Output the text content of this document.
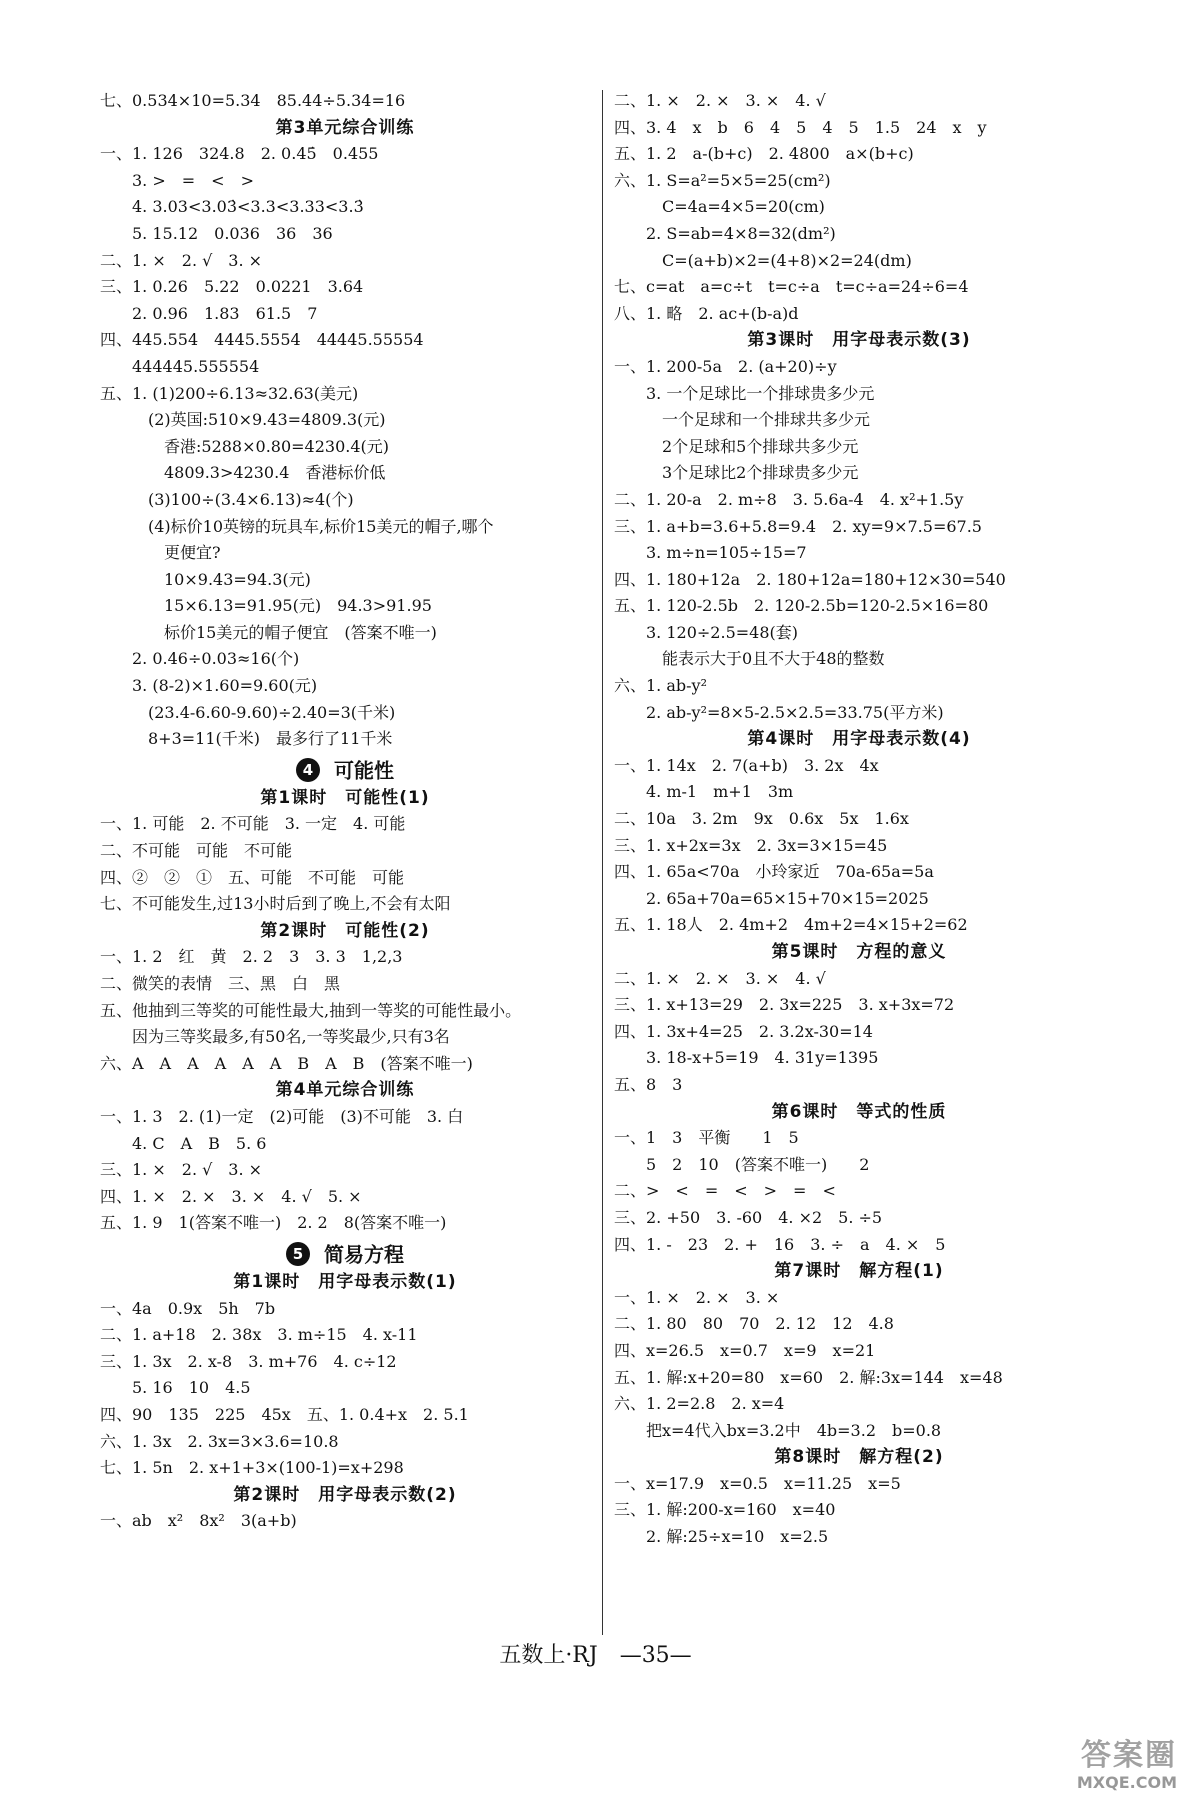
七、0.534×10=5.34　85.44÷5.34=16
第3单元综合训练
一、1. 126　324.8　2. 0.45̇　0.455
　　3. >　=　<　>
　　4. 3.03<3.03̇<3.3<3.33<3.3̇
　　5. 15.12　0.036　36　36
二、1. ×　2. √　3. ×
三、1. 0.26　5.22　0.0221　3.64
　　2. 0.96　1.83　61.5　7
四、445.554　4445.5554　44445.55554
　　444445.555554
五、1. (1)200÷6.13≈32.63(美元)
　　　(2)英国:510×9.43=4809.3(元)
　　　　香港:5288×0.80=4230.4(元)
　　　　4809.3>4230.4　香港标价低
　　　(3)100÷(3.4×6.13)≈4(个)
　　　(4)标价10英镑的玩具车,标价15美元的帽子,哪个
　　　　更便宜?
　　　　10×9.43=94.3(元)
　　　　15×6.13=91.95(元)　94.3>91.95
　　　　标价15美元的帽子便宜　(答案不唯一)
　　2. 0.46÷0.03≈16(个)
　　3. (8-2)×1.60=9.60(元)
　　　(23.4-6.60-9.60)÷2.40=3(千米)
　　　8+3=11(千米)　最多行了11千米
4 可能性
第1课时　可能性(1)
一、1. 可能　2. 不可能　3. 一定　4. 可能
二、不可能　可能　不可能
四、②　②　①　五、可能　不可能　可能
七、不可能发生,过13小时后到了晚上,不会有太阳
第2课时　可能性(2)
一、1. 2　红　黄　2. 2　3　3. 3　1,2,3
二、微笑的表情　三、黑　白　黑
五、他抽到三等奖的可能性最大,抽到一等奖的可能性最小。
　　因为三等奖最多,有50名,一等奖最少,只有3名
六、A　A　A　A　A　A　B　A　B　(答案不唯一)
第4单元综合训练
一、1. 3　2. (1)一定　(2)可能　(3)不可能　3. 白
　　4. C　A　B　5. 6
三、1. ×　2. √　3. ×
四、1. ×　2. ×　3. ×　4. √　5. ×
五、1. 9　1(答案不唯一)　2. 2　8(答案不唯一)
5 简易方程
第1课时　用字母表示数(1)
一、4a　0.9x　5h　7b
二、1. a+18　2. 38x　3. m÷15　4. x-11
三、1. 3x　2. x-8　3. m+76　4. c÷12
　　5. 16　10　4.5
四、90　135　225　45x　五、1. 0.4+x　2. 5.1
六、1. 3x　2. 3x=3×3.6=10.8
七、1. 5n　2. x+1+3×(100-1)=x+298
第2课时　用字母表示数(2)
一、ab　x²　8x²　3(a+b)
二、1. ×　2. ×　3. ×　4. √
四、3. 4　x　b　6　4　5　4　5　1.5　24　x　y
五、1. 2　a-(b+c)　2. 4800　a×(b+c)
六、1. S=a²=5×5=25(cm²)
　　　C=4a=4×5=20(cm)
　　2. S=ab=4×8=32(dm²)
　　　C=(a+b)×2=(4+8)×2=24(dm)
七、c=at　a=c÷t　t=c÷a　t=c÷a=24÷6=4
八、1. 略　2. ac+(b-a)d
第3课时　用字母表示数(3)
一、1. 200-5a　2. (a+20)÷y
　　3. 一个足球比一个排球贵多少元
　　　一个足球和一个排球共多少元
　　　2个足球和5个排球共多少元
　　　3个足球比2个排球贵多少元
二、1. 20-a　2. m÷8　3. 5.6a-4　4. x²+1.5y
三、1. a+b=3.6+5.8=9.4　2. xy=9×7.5=67.5
　　3. m÷n=105÷15=7
四、1. 180+12a　2. 180+12a=180+12×30=540
五、1. 120-2.5b　2. 120-2.5b=120-2.5×16=80
　　3. 120÷2.5=48(套)
　　　能表示大于0且不大于48的整数
六、1. ab-y²
　　2. ab-y²=8×5-2.5×2.5=33.75(平方米)
第4课时　用字母表示数(4)
一、1. 14x　2. 7(a+b)　3. 2x　4x
　　4. m-1　m+1　3m
二、10a　3. 2m　9x　0.6x　5x　1.6x
三、1. x+2x=3x　2. 3x=3×15=45
四、1. 65a<70a　小玲家近　70a-65a=5a
　　2. 65a+70a=65×15+70×15=2025
五、1. 18人　2. 4m+2　4m+2=4×15+2=62
第5课时　方程的意义
二、1. ×　2. ×　3. ×　4. √
三、1. x+13=29　2. 3x=225　3. x+3x=72
四、1. 3x+4=25　2. 3.2x-30=14
　　3. 18-x+5=19　4. 31y=1395
五、8　3
第6课时　等式的性质
一、1　3　平衡　　1　5
　　5　2　10　(答案不唯一)　　2
二、>　<　=　<　>　=　<
三、2. +50　3. -60　4. ×2　5. ÷5
四、1. -　23　2. +　16　3. ÷　a　4. ×　5
第7课时　解方程(1)
一、1. ×　2. ×　3. ×
二、1. 80　80　70　2. 12　12　4.8
四、x=26.5　x=0.7　x=9　x=21
五、1. 解:x+20=80　x=60　2. 解:3x=144　x=48
六、1. 2=2.8　2. x=4
　　把x=4代入bx=3.2中　4b=3.2　b=0.8
第8课时　解方程(2)
一、x=17.9　x=0.5　x=11.25　x=5
三、1. 解:200-x=160　x=40
　　2. 解:25÷x=10　x=2.5
五数上·RJ　—35—
答案圈
MXQE.COM
